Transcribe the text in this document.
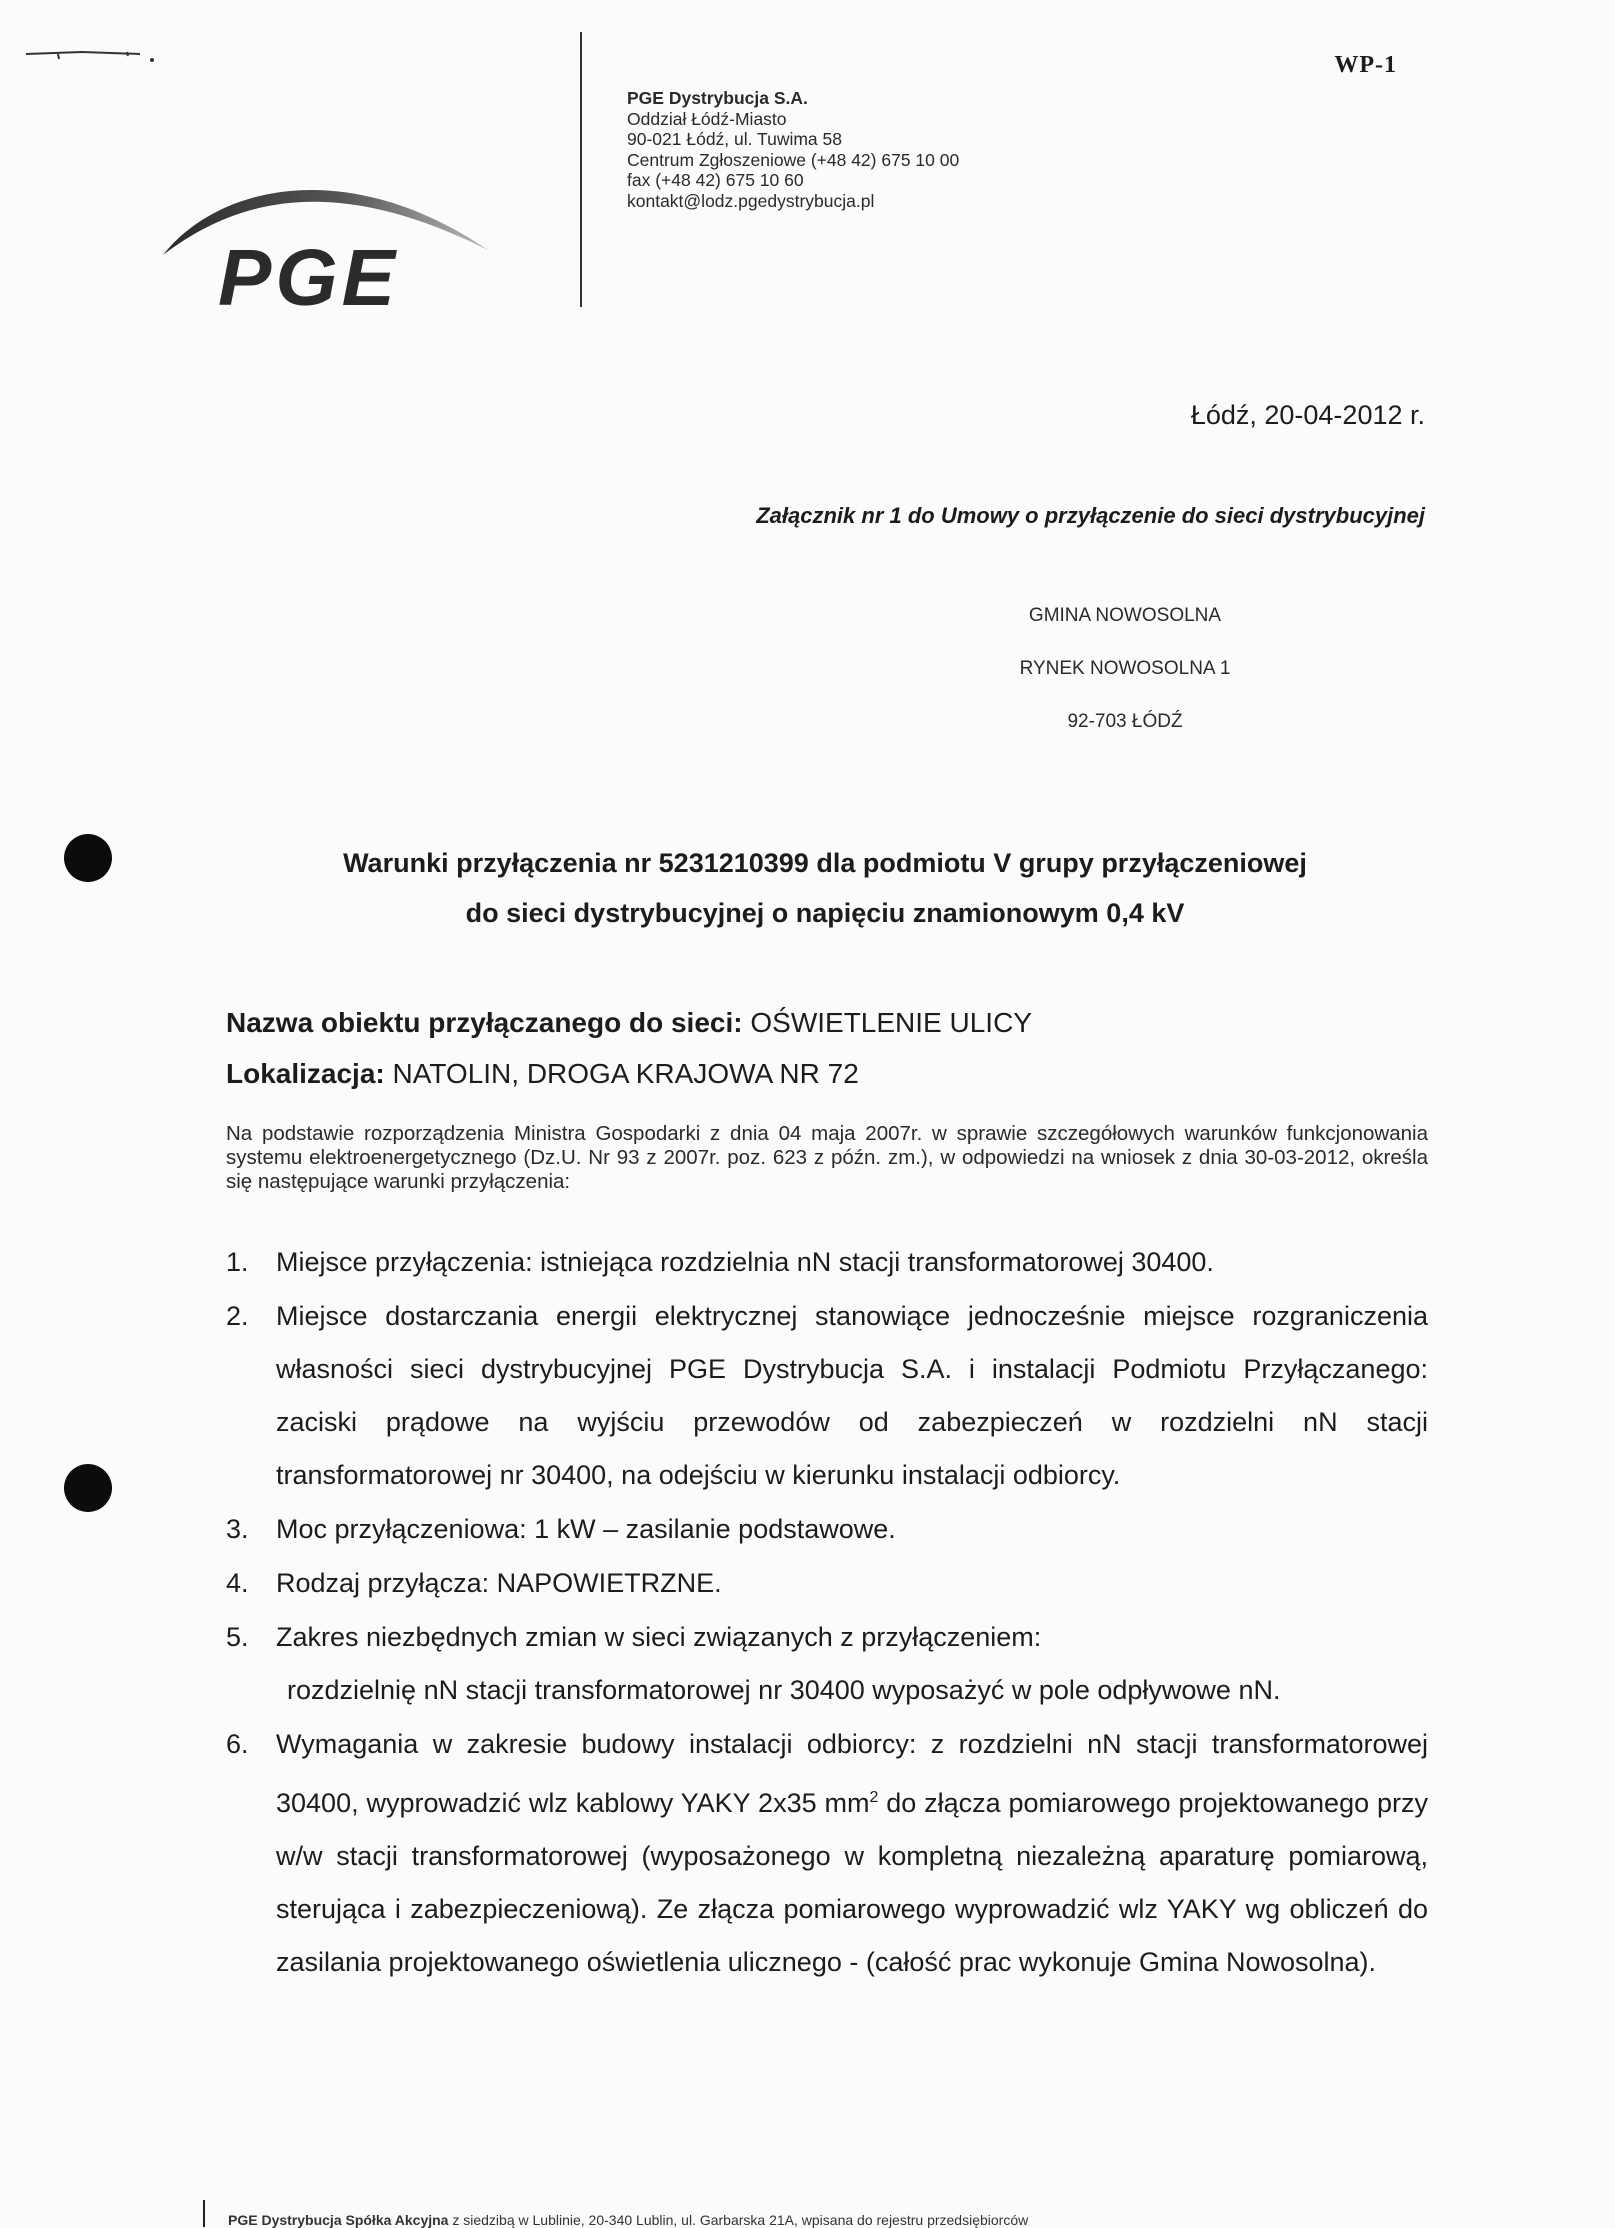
WP-1
PGE
PGE Dystrybucja S.A.
Oddział Łódź-Miasto
90-021 Łódź, ul. Tuwima 58
Centrum Zgłoszeniowe (+48 42) 675 10 00
fax (+48 42) 675 10 60
kontakt@lodz.pgedystrybucja.pl
Łódź, 20-04-2012 r.
Załącznik nr 1 do Umowy o przyłączenie do sieci dystrybucyjnej
GMINA NOWOSOLNA
RYNEK NOWOSOLNA 1
92-703 ŁÓDŹ
Warunki przyłączenia nr 5231210399 dla podmiotu V grupy przyłączeniowej
do sieci dystrybucyjnej o napięciu znamionowym 0,4 kV
Nazwa obiektu przyłączanego do sieci: OŚWIETLENIE ULICY
Lokalizacja: NATOLIN, DROGA KRAJOWA NR 72
Na podstawie rozporządzenia Ministra Gospodarki z dnia 04 maja 2007r. w sprawie szczegółowych warunków funkcjonowania systemu elektroenergetycznego (Dz.U. Nr 93 z 2007r. poz. 623 z późn. zm.), w odpowiedzi na wniosek z dnia 30-03-2012, określa się następujące warunki przyłączenia:
1.	Miejsce przyłączenia: istniejąca rozdzielnia nN stacji transformatorowej 30400.
2.	Miejsce dostarczania energii elektrycznej stanowiące jednocześnie miejsce rozgraniczenia własności sieci dystrybucyjnej PGE Dystrybucja S.A. i instalacji Podmiotu Przyłączanego: zaciski prądowe na wyjściu przewodów od zabezpieczeń w rozdzielni nN stacji transformatorowej nr 30400, na odejściu w kierunku instalacji odbiorcy.
3.	Moc przyłączeniowa: 1 kW – zasilanie podstawowe.
4.	Rodzaj przyłącza: NAPOWIETRZNE.
5.	Zakres niezbędnych zmian w sieci związanych z przyłączeniem:
rozdzielnię nN stacji transformatorowej nr 30400 wyposażyć w pole odpływowe nN.
6.	Wymagania w zakresie budowy instalacji odbiorcy: z rozdzielni nN stacji transformatorowej 30400, wyprowadzić wlz kablowy YAKY 2x35 $mm^2$ do złącza pomiarowego projektowanego przy w/w stacji transformatorowej (wyposażonego w kompletną niezależną aparaturę pomiarową, sterująca i zabezpieczeniową). Ze złącza pomiarowego wyprowadzić wlz YAKY wg obliczeń do zasilania projektowanego oświetlenia ulicznego - (całość prac wykonuje Gmina Nowosolna).
PGE Dystrybucja Spółka Akcyjna z siedzibą w Lublinie, 20-340 Lublin, ul. Garbarska 21A, wpisana do rejestru przedsiębiorców
